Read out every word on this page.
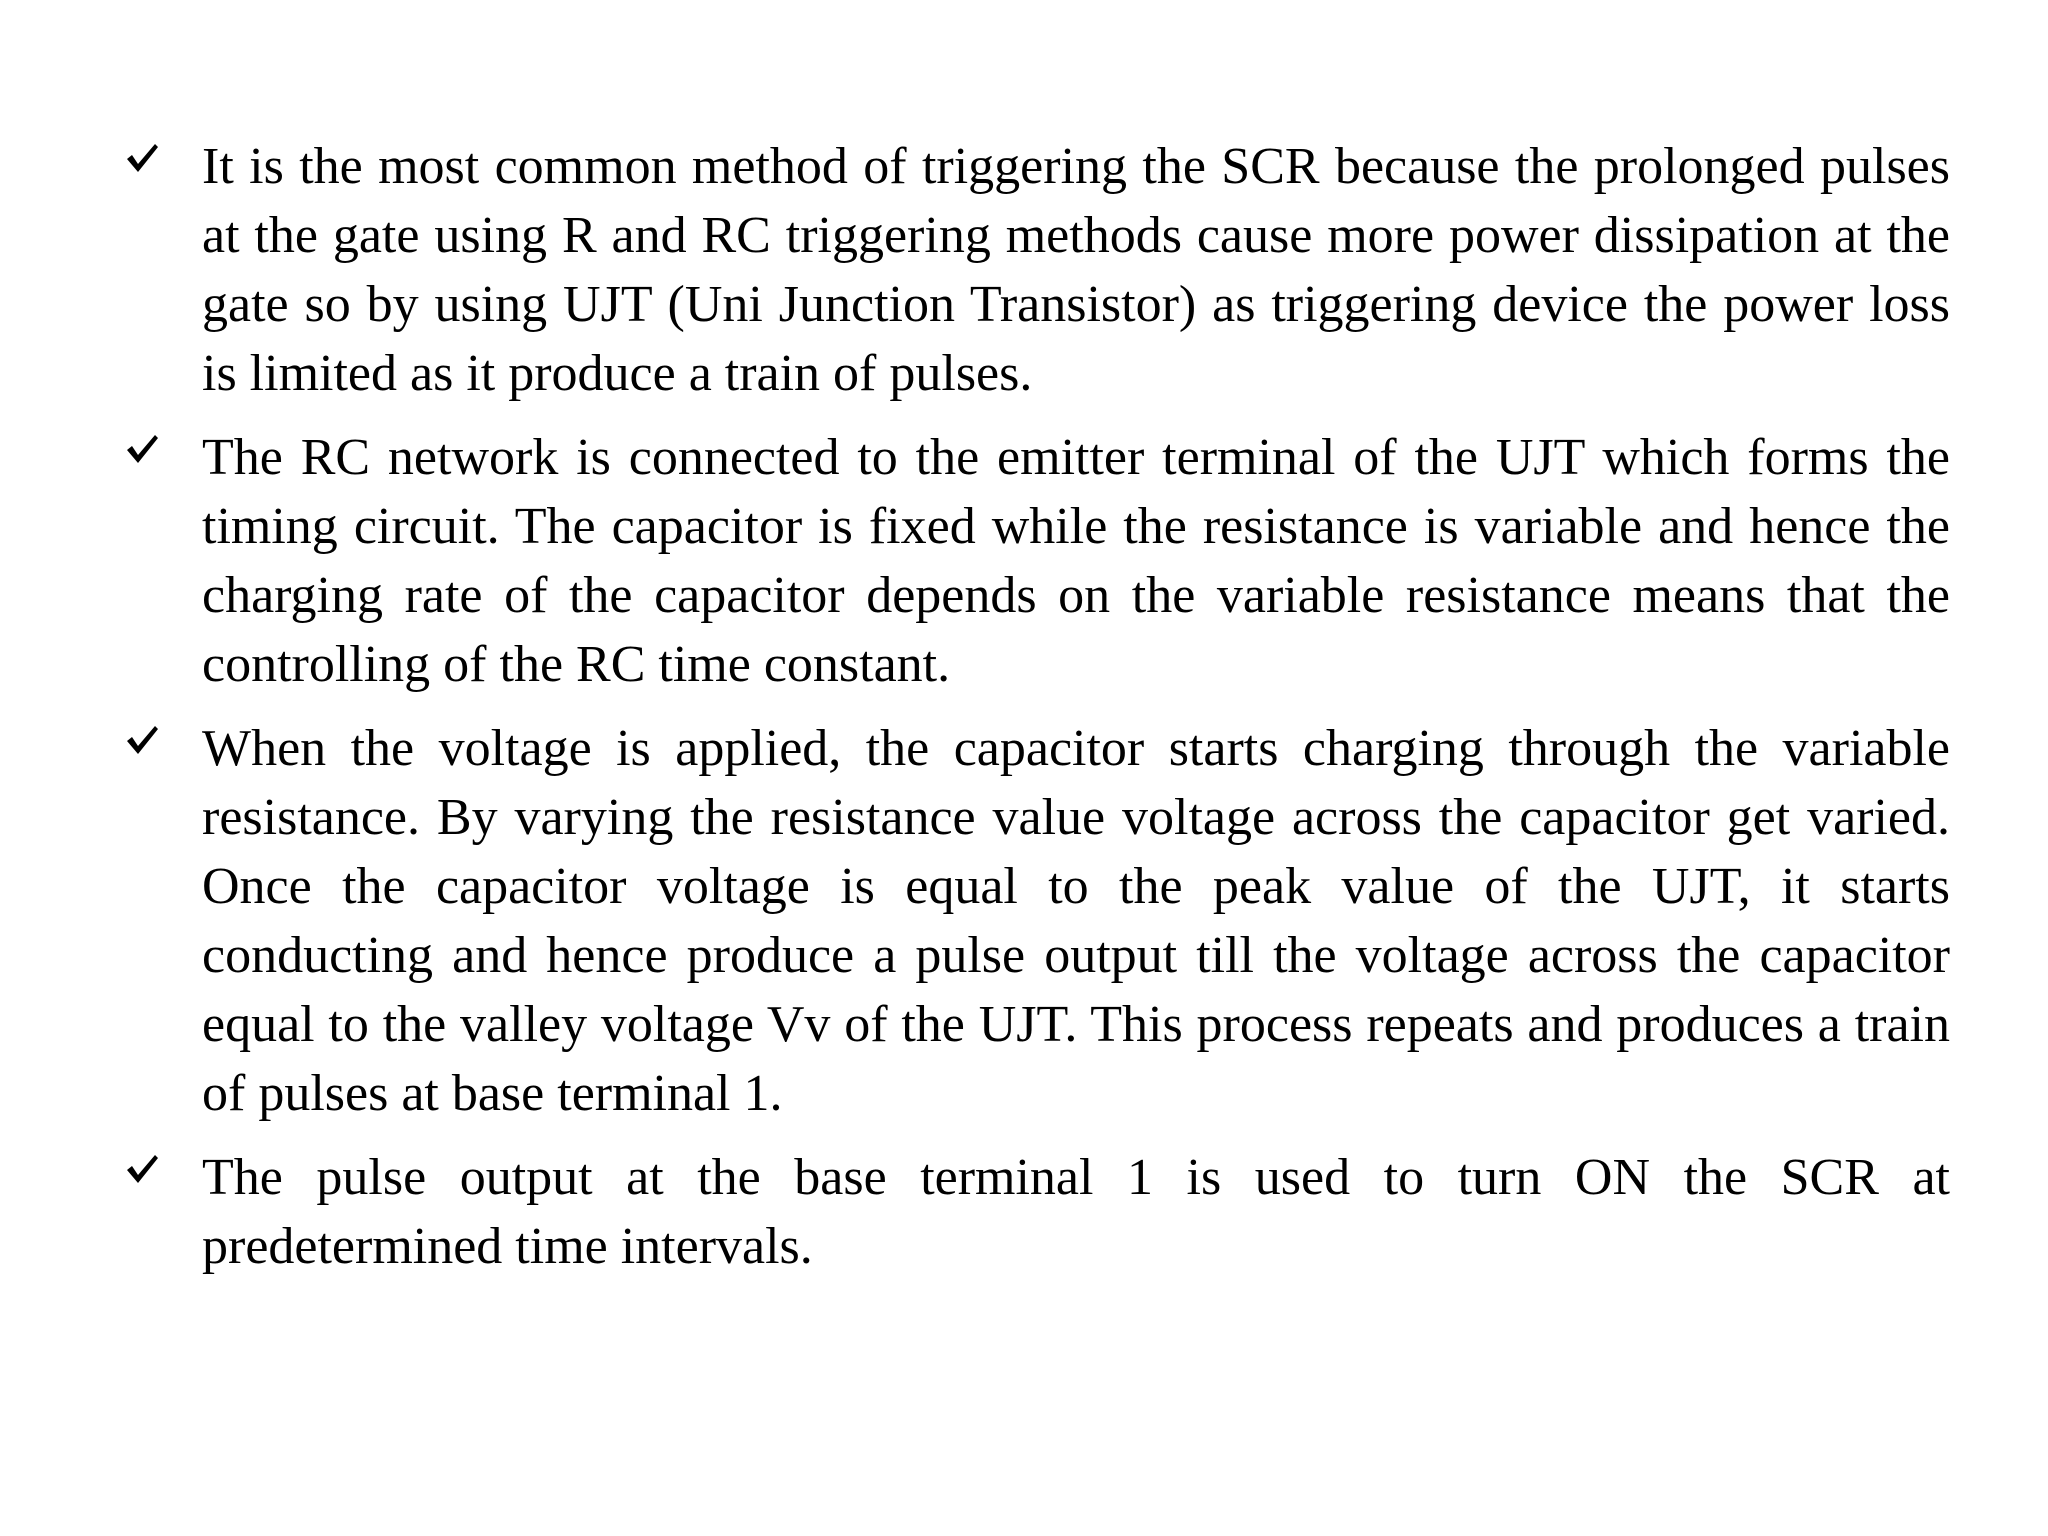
It is the most common method of triggering the SCR because the prolonged pulses at the gate using R and RC triggering methods cause more power dissipation at the gate so by using UJT (Uni Junction Transistor) as triggering device the power loss is limited as it produce a train of pulses.
The RC network is connected to the emitter terminal of the UJT which forms the timing circuit. The capacitor is fixed while the resistance is variable and hence the charging rate of the capacitor depends on the variable resistance means that the controlling of the RC time constant.
When the voltage is applied, the capacitor starts charging through the variable resistance. By varying the resistance value voltage across the capacitor get varied. Once the capacitor voltage is equal to the peak value of the UJT, it starts conducting and hence produce a pulse output till the voltage across the capacitor equal to the valley voltage Vv of the UJT. This process repeats and produces a train of pulses at base terminal 1.
The pulse output at the base terminal 1 is used to turn ON the SCR at predetermined time intervals.
